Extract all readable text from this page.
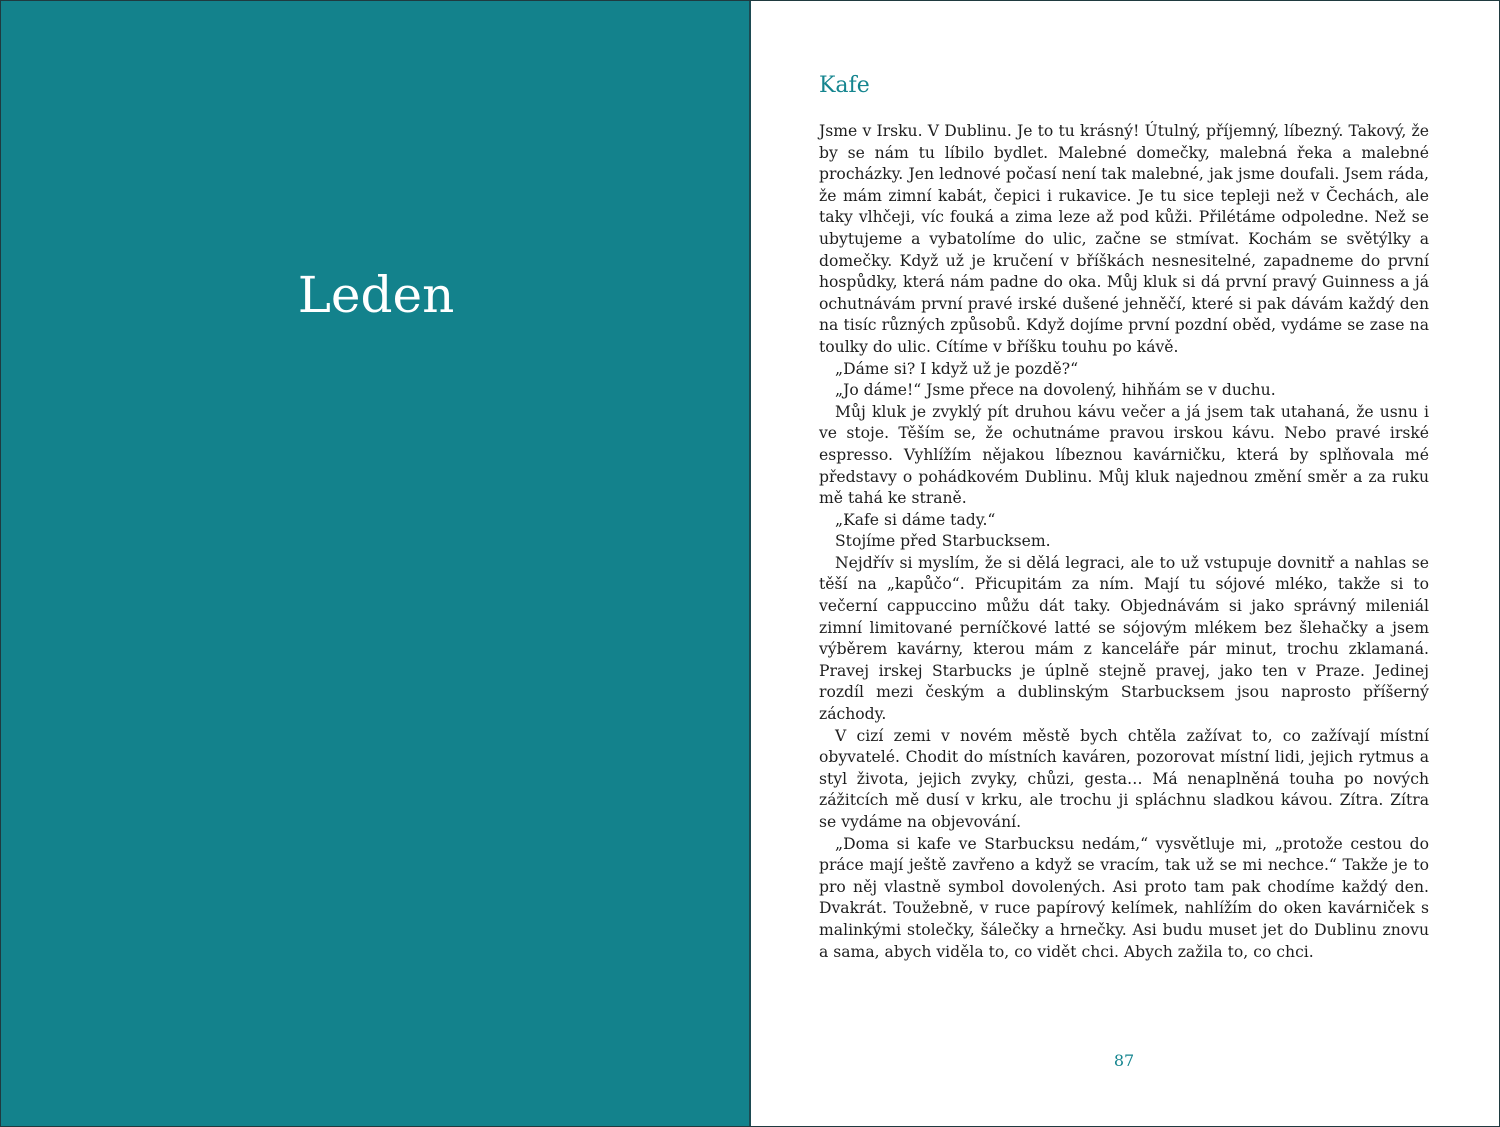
Leden
Kafe

Jsme v Irsku. V Dublinu. Je to tu krásný! Útulný, příjemný, líbezný. Takový, že by se nám tu líbilo bydlet. Malebné domečky, malebná řeka a malebné procházky. Jen lednové počasí není tak malebné, jak jsme doufali. Jsem ráda, že mám zimní kabát, čepici i rukavice. Je tu sice tepleji než v Čechách, ale taky vlhčeji, víc fouká a zima leze až pod kůži. Přilétáme odpoledne. Než se ubytujeme a vybatolíme do ulic, začne se stmívat. Kochám se světýlky a domečky. Když už je kručení v bříškách nesnesitelné, zapadneme do první hospůdky, která nám padne do oka. Můj kluk si dá první pravý Guinness a já ochutnávám první pravé irské dušené jehněčí, které si pak dávám každý den na tisíc různých způsobů. Když dojíme první pozdní oběd, vydáme se zase na toulky do ulic. Cítíme v bříšku touhu po kávě.

„Dáme si? I když už je pozdě?“

„Jo dáme!“ Jsme přece na dovolený, hihňám se v duchu.

Můj kluk je zvyklý pít druhou kávu večer a já jsem tak utahaná, že usnu i ve stoje. Těším se, že ochutnáme pravou irskou kávu. Nebo pravé irské espresso. Vyhlížím nějakou líbeznou kavárničku, která by splňovala mé představy o pohádkovém Dublinu. Můj kluk najednou změní směr a za ruku mě tahá ke straně.

„Kafe si dáme tady.“

Stojíme před Starbucksem.

Nejdřív si myslím, že si dělá legraci, ale to už vstupuje dovnitř a nahlas se těší na „kapůčo“. Přicupitám za ním. Mají tu sójové mléko, takže si to večerní cappuccino můžu dát taky. Objednávám si jako správný mileniál zimní limitované perníčkové latté se sójovým mlékem bez šlehačky a jsem výběrem kavárny, kterou mám z kanceláře pár minut, trochu zklamaná. Pravej irskej Starbucks je úplně stejně pravej, jako ten v Praze. Jedinej rozdíl mezi českým a dublinským Starbucksem jsou naprosto příšerný záchody.

V cizí zemi v novém městě bych chtěla zažívat to, co zažívají místní obyvatelé. Chodit do místních kaváren, pozorovat místní lidi, jejich rytmus a styl života, jejich zvyky, chůzi, gesta… Má nenaplněná touha po nových zážitcích mě dusí v krku, ale trochu ji spláchnu sladkou kávou. Zítra. Zítra se vydáme na objevování.

„Doma si kafe ve Starbucksu nedám,“ vysvětluje mi, „protože cestou do práce mají ještě zavřeno a když se vracím, tak už se mi nechce.“ Takže je to pro něj vlastně symbol dovolených. Asi proto tam pak chodíme každý den. Dvakrát. Toužebně, v ruce papírový kelímek, nahlížím do oken kavárniček s malinkými stolečky, šálečky a hrnečky. Asi budu muset jet do Dublinu znovu a sama, abych viděla to, co vidět chci. Abych zažila to, co chci.

87
